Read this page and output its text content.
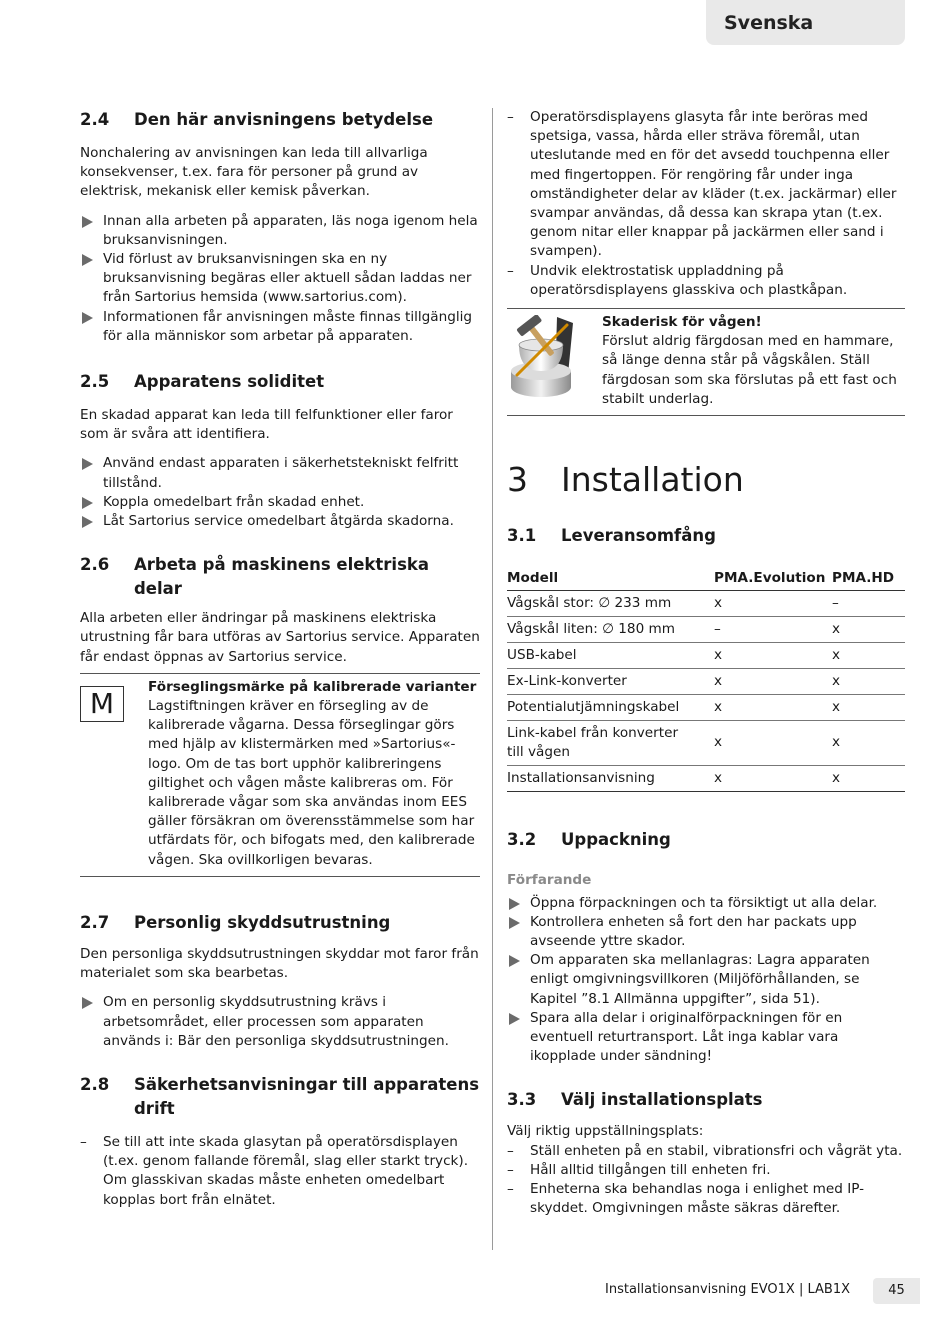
Svenska
2.4	Den här anvisningens betydelse

Nonchalering av anvisningen kan leda till allvarliga konsekvenser, t.ex. fara för personer på grund av elektrisk, mekanisk eller kemisk påverkan.

Innan alla arbeten på apparaten, läs noga igenom hela bruksanvisningen.
Vid förlust av bruksanvisningen ska en ny bruksanvisning begäras eller aktuell sådan laddas ner från Sartorius hemsida (www.sartorius.com).
Informationen får anvisningen måste finnas tillgänglig för alla människor som arbetar på apparaten.
2.5	Apparatens soliditet

En skadad apparat kan leda till felfunktioner eller faror som är svåra att identifiera.

Använd endast apparaten i säkerhetstekniskt felfritt tillstånd.
Koppla omedelbart från skadad enhet.
Låt Sartorius service omedelbart åtgärda skadorna.
2.6	Arbeta på maskinens elektriska delar

Alla arbeten eller ändringar på maskinens elektriska utrustning får bara utföras av Sartorius service. Apparaten får endast öppnas av Sartorius service.

M
Förseglingsmärke på kalibrerade varianter
Lagstiftningen kräver en försegling av de kalibrerade vågarna. Dessa förseglingar görs med hjälp av klistermärken med »Sartorius«-logo. Om de tas bort upphör kalibreringens giltighet och vågen måste kalibreras om. För kalibrerade vågar som ska användas inom EES gäller försäkran om överensstämmelse som har utfärdats för, och bifogats med, den kalibrerade vågen. Ska ovillkorligen bevaras.
2.7	Personlig skyddsutrustning

Den personliga skyddsutrustningen skyddar mot faror från materialet som ska bearbetas.

Om en personlig skyddsutrustning krävs i arbetsområdet, eller processen som apparaten används i: Bär den personliga skyddsutrustningen.
2.8	Säkerhetsanvisningar till apparatens drift
– Se till att inte skada glasytan på operatörsdisplayen (t.ex. genom fallande föremål, slag eller starkt tryck). Om glasskivan skadas måste enheten omedelbart kopplas bort från elnätet.
– Operatörsdisplayens glasyta får inte beröras med spetsiga, vassa, hårda eller sträva föremål, utan uteslutande med en för det avsedd touchpenna eller med fingertoppen. För rengöring får under inga omständigheter delar av kläder (t.ex. jackärmar) eller svampar användas, då dessa kan skrapa ytan (t.ex. genom nitar eller knappar på jackärmen eller sand i svampen).
– Undvik elektrostatisk uppladdning på operatörsdisplayens glasskiva och plastkåpan.
Skaderisk för vågen!
Förslut aldrig färgdosan med en hammare, så länge denna står på vågskålen. Ställ färgdosan som ska förslutas på ett fast och stabilt underlag.
3	Installation
3.1	Leveransomfång
Modell	PMA.Evolution	PMA.HD
Vågskål stor: ∅ 233 mm	x	–
Vågskål liten: ∅ 180 mm	–	x
USB-kabel	x	x
Ex-Link-konverter	x	x
Potentialutjämningskabel	x	x
Link-kabel från konverter till vågen	x	x
Installationsanvisning	x	x
3.2	Uppackning
Förfarande
Öppna förpackningen och ta försiktigt ut alla delar.
Kontrollera enheten så fort den har packats upp avseende yttre skador.
Om apparaten ska mellanlagras: Lagra apparaten enligt omgivningsvillkoren (Miljöförhållanden, se Kapitel ”8.1 Allmänna uppgifter”, sida 51).
Spara alla delar i originalförpackningen för en eventuell returtransport. Låt inga kablar vara ikopplade under sändning!
3.3	Välj installationsplats

Välj riktig uppställningsplats:

– Ställ enheten på en stabil, vibrationsfri och vågrät yta.
– Håll alltid tillgången till enheten fri.
– Enheterna ska behandlas noga i enlighet med IP-skyddet. Omgivningen måste säkras därefter.
Installationsanvisning EVO1X | LAB1X	45
